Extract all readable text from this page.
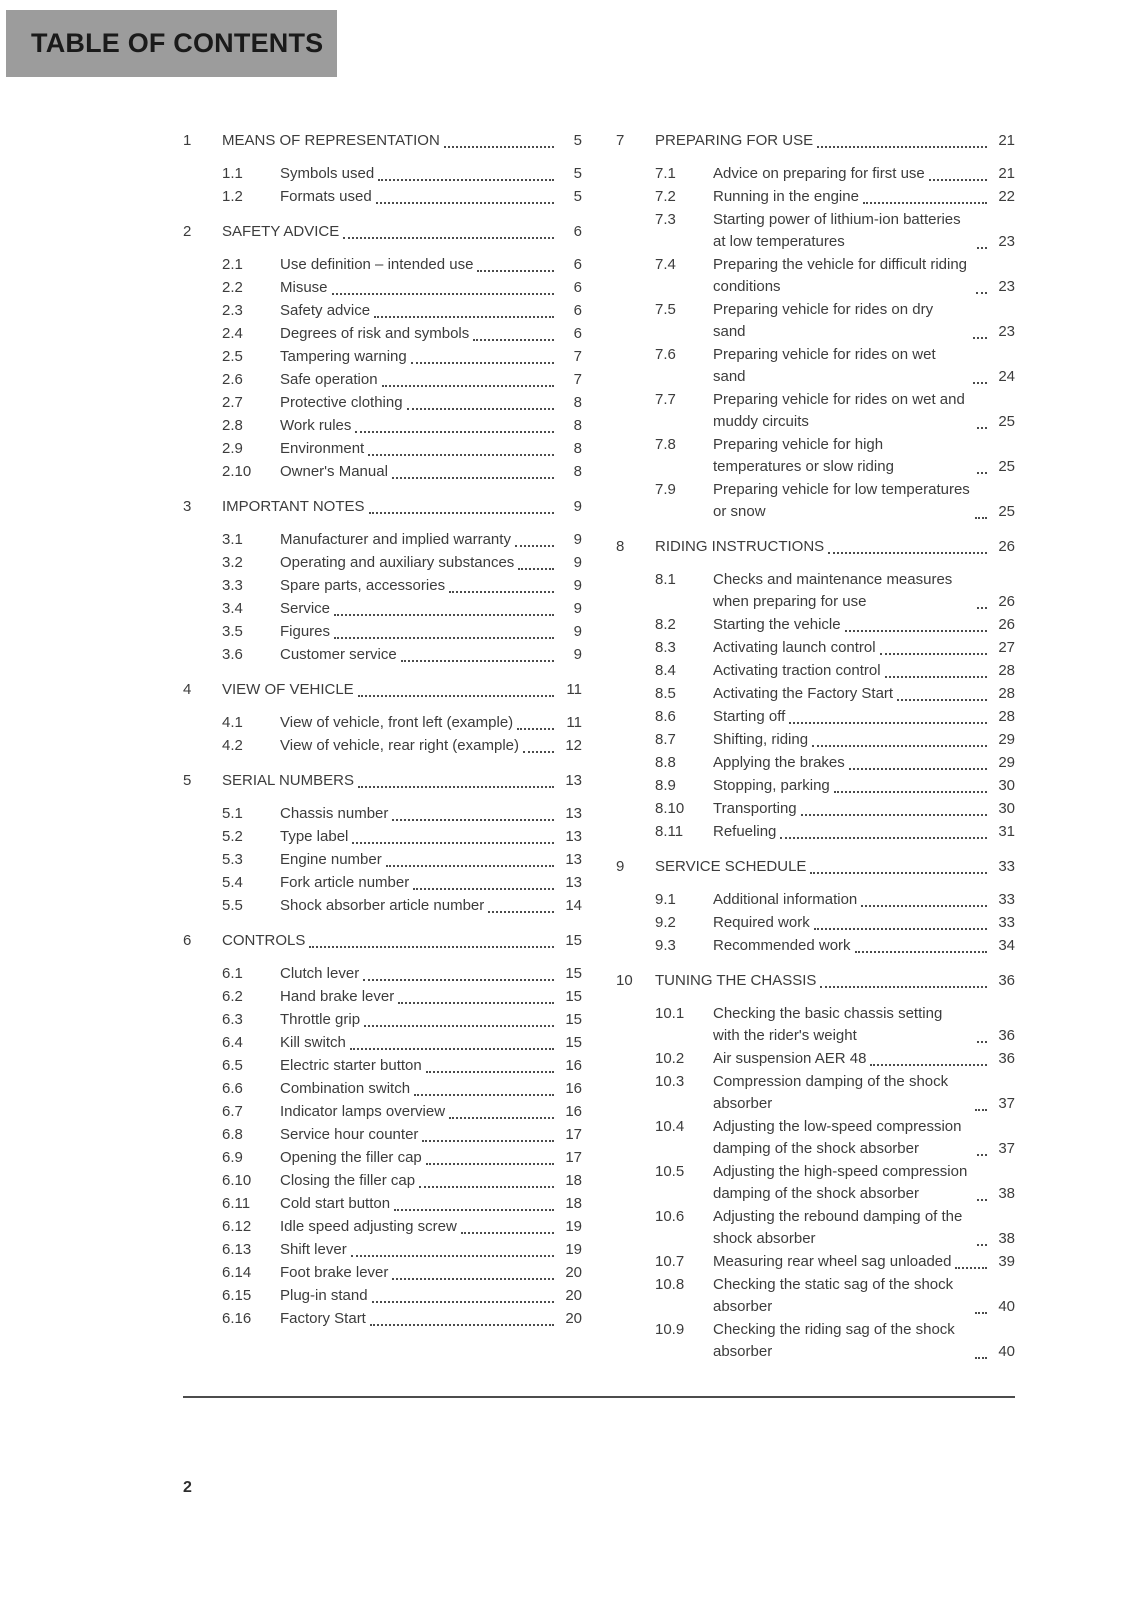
TABLE OF CONTENTS
1	MEANS OF REPRESENTATION	5
1.1	Symbols used	5
1.2	Formats used	5
2	SAFETY ADVICE	6
2.1	Use definition – intended use	6
2.2	Misuse	6
2.3	Safety advice	6
2.4	Degrees of risk and symbols	6
2.5	Tampering warning	7
2.6	Safe operation	7
2.7	Protective clothing	8
2.8	Work rules	8
2.9	Environment	8
2.10	Owner's Manual	8
3	IMPORTANT NOTES	9
3.1	Manufacturer and implied warranty	9
3.2	Operating and auxiliary substances	9
3.3	Spare parts, accessories	9
3.4	Service	9
3.5	Figures	9
3.6	Customer service	9
4	VIEW OF VEHICLE	11
4.1	View of vehicle, front left (example)	11
4.2	View of vehicle, rear right (example)	12
5	SERIAL NUMBERS	13
5.1	Chassis number	13
5.2	Type label	13
5.3	Engine number	13
5.4	Fork article number	13
5.5	Shock absorber article number	14
6	CONTROLS	15
6.1	Clutch lever	15
6.2	Hand brake lever	15
6.3	Throttle grip	15
6.4	Kill switch	15
6.5	Electric starter button	16
6.6	Combination switch	16
6.7	Indicator lamps overview	16
6.8	Service hour counter	17
6.9	Opening the filler cap	17
6.10	Closing the filler cap	18
6.11	Cold start button	18
6.12	Idle speed adjusting screw	19
6.13	Shift lever	19
6.14	Foot brake lever	20
6.15	Plug-in stand	20
6.16	Factory Start	20
7	PREPARING FOR USE	21
7.1	Advice on preparing for first use	21
7.2	Running in the engine	22
7.3	Starting power of lithium-ion batteries at low temperatures	23
7.4	Preparing the vehicle for difficult riding conditions	23
7.5	Preparing vehicle for rides on dry sand	23
7.6	Preparing vehicle for rides on wet sand	24
7.7	Preparing vehicle for rides on wet and muddy circuits	25
7.8	Preparing vehicle for high temperatures or slow riding	25
7.9	Preparing vehicle for low temperatures or snow	25
8	RIDING INSTRUCTIONS	26
8.1	Checks and maintenance measures when preparing for use	26
8.2	Starting the vehicle	26
8.3	Activating launch control	27
8.4	Activating traction control	28
8.5	Activating the Factory Start	28
8.6	Starting off	28
8.7	Shifting, riding	29
8.8	Applying the brakes	29
8.9	Stopping, parking	30
8.10	Transporting	30
8.11	Refueling	31
9	SERVICE SCHEDULE	33
9.1	Additional information	33
9.2	Required work	33
9.3	Recommended work	34
10	TUNING THE CHASSIS	36
10.1	Checking the basic chassis setting with the rider's weight	36
10.2	Air suspension AER 48	36
10.3	Compression damping of the shock absorber	37
10.4	Adjusting the low-speed compression damping of the shock absorber	37
10.5	Adjusting the high-speed compression damping of the shock absorber	38
10.6	Adjusting the rebound damping of the shock absorber	38
10.7	Measuring rear wheel sag unloaded	39
10.8	Checking the static sag of the shock absorber	40
10.9	Checking the riding sag of the shock absorber	40
2
